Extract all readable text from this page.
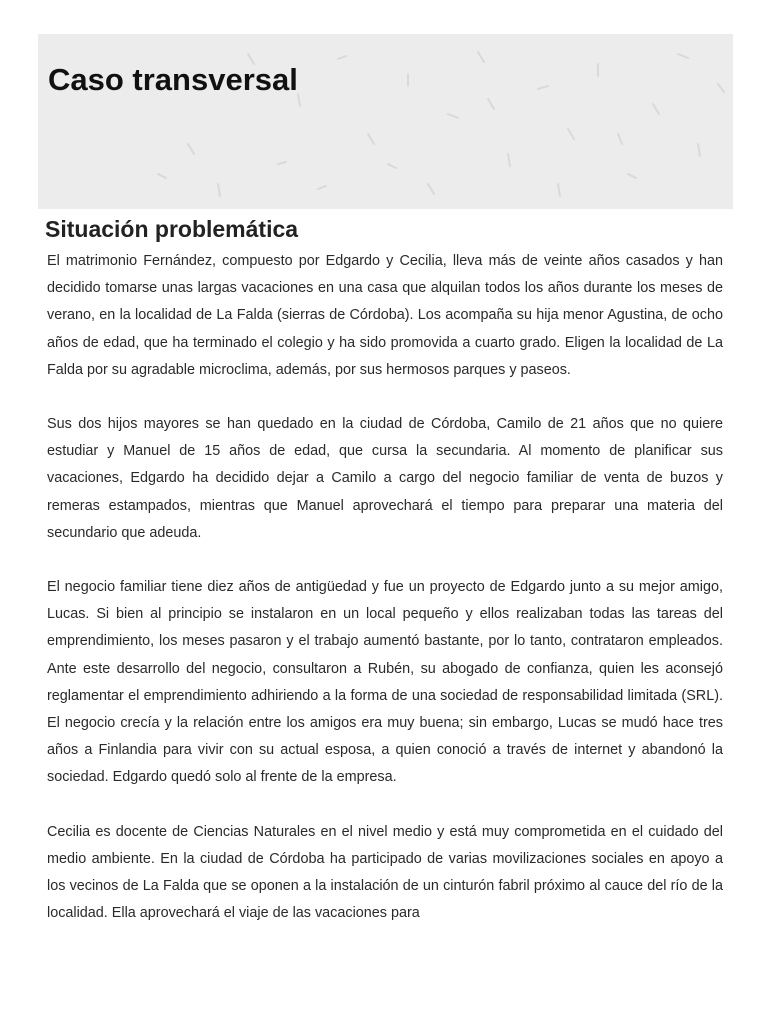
Caso transversal
Situación problemática

El matrimonio Fernández, compuesto por Edgardo y Cecilia, lleva más de veinte años casados y han decidido tomarse unas largas vacaciones en una casa que alquilan todos los años durante los meses de verano, en la localidad de La Falda (sierras de Córdoba). Los acompaña su hija menor Agustina, de ocho años de edad, que ha terminado el colegio y ha sido promovida a cuarto grado. Eligen la localidad de La Falda por su agradable microclima, además, por sus hermosos parques y paseos.

Sus dos hijos mayores se han quedado en la ciudad de Córdoba, Camilo de 21 años que no quiere estudiar y Manuel de 15 años de edad, que cursa la secundaria. Al momento de planificar sus vacaciones, Edgardo ha decidido dejar a Camilo a cargo del negocio familiar de venta de buzos y remeras estampados, mientras que Manuel aprovechará el tiempo para preparar una materia del secundario que adeuda.

El negocio familiar tiene diez años de antigüedad y fue un proyecto de Edgardo junto a su mejor amigo, Lucas. Si bien al principio se instalaron en un local pequeño y ellos realizaban todas las tareas del emprendimiento, los meses pasaron y el trabajo aumentó bastante, por lo tanto, contrataron empleados. Ante este desarrollo del negocio, consultaron a Rubén, su abogado de confianza, quien les aconsejó reglamentar el emprendimiento adhiriendo a la forma de una sociedad de responsabilidad limitada (SRL). El negocio crecía y la relación entre los amigos era muy buena; sin embargo, Lucas se mudó hace tres años a Finlandia para vivir con su actual esposa, a quien conoció a través de internet y abandonó la sociedad. Edgardo quedó solo al frente de la empresa.

Cecilia es docente de Ciencias Naturales en el nivel medio y está muy comprometida en el cuidado del medio ambiente. En la ciudad de Córdoba ha participado de varias movilizaciones sociales en apoyo a los vecinos de La Falda que se oponen a la instalación de un cinturón fabril próximo al cauce del río de la localidad. Ella aprovechará el viaje de las vacaciones para
